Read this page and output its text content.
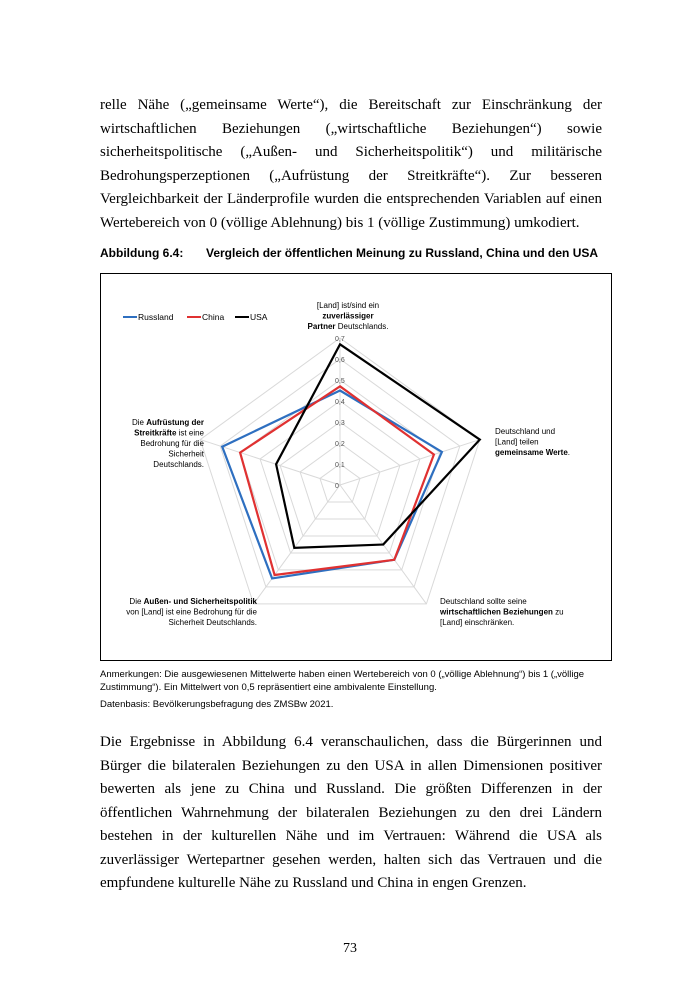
relle Nähe („gemeinsame Werte“), die Bereitschaft zur Einschränkung der wirtschaftlichen Beziehungen („wirtschaftliche Beziehungen“) sowie sicherheitspolitische („Außen- und Sicherheitspolitik“) und militärische Bedrohungsperzeptionen („Aufrüstung der Streitkräfte“). Zur besseren Vergleichbarkeit der Länderprofile wurden die entsprechenden Variablen auf einen Wertebereich von 0 (völlige Ablehnung) bis 1 (völlige Zustimmung) umkodiert.

Abbildung 6.4: Vergleich der öffentlichen Meinung zu Russland, China und den USA
0
0,1
0,2
0,3
0,4
0,5
0,6
0,7
Russland	China	USA
[Land] ist/sind ein
zuverlässiger
Partner Deutschlands.
Deutschland und
[Land] teilen
gemeinsame Werte.
Deutschland sollte seine
wirtschaftlichen Beziehungen zu
[Land] einschränken.
Die Außen- und Sicherheitspolitik
von [Land] ist eine Bedrohung für die
Sicherheit Deutschlands.
Die Aufrüstung der
Streitkräfte ist eine
Bedrohung für die
Sicherheit
Deutschlands.
Anmerkungen: Die ausgewiesenen Mittelwerte haben einen Wertebereich von 0 („völlige Ablehnung“) bis 1 („völlige Zustimmung“). Ein Mittelwert von 0,5 repräsentiert eine ambivalente Einstellung.
Datenbasis: Bevölkerungsbefragung des ZMSBw 2021.

Die Ergebnisse in Abbildung 6.4 veranschaulichen, dass die Bürgerinnen und Bürger die bilateralen Beziehungen zu den USA in allen Dimensionen positiver bewerten als jene zu China und Russland. Die größten Differenzen in der öffentlichen Wahrnehmung der bilateralen Beziehungen zu den drei Ländern bestehen in der kulturellen Nähe und im Vertrauen: Während die USA als zuverlässiger Wertepartner gesehen werden, halten sich das Vertrauen und die empfundene kulturelle Nähe zu Russland und China in engen Grenzen.

73
